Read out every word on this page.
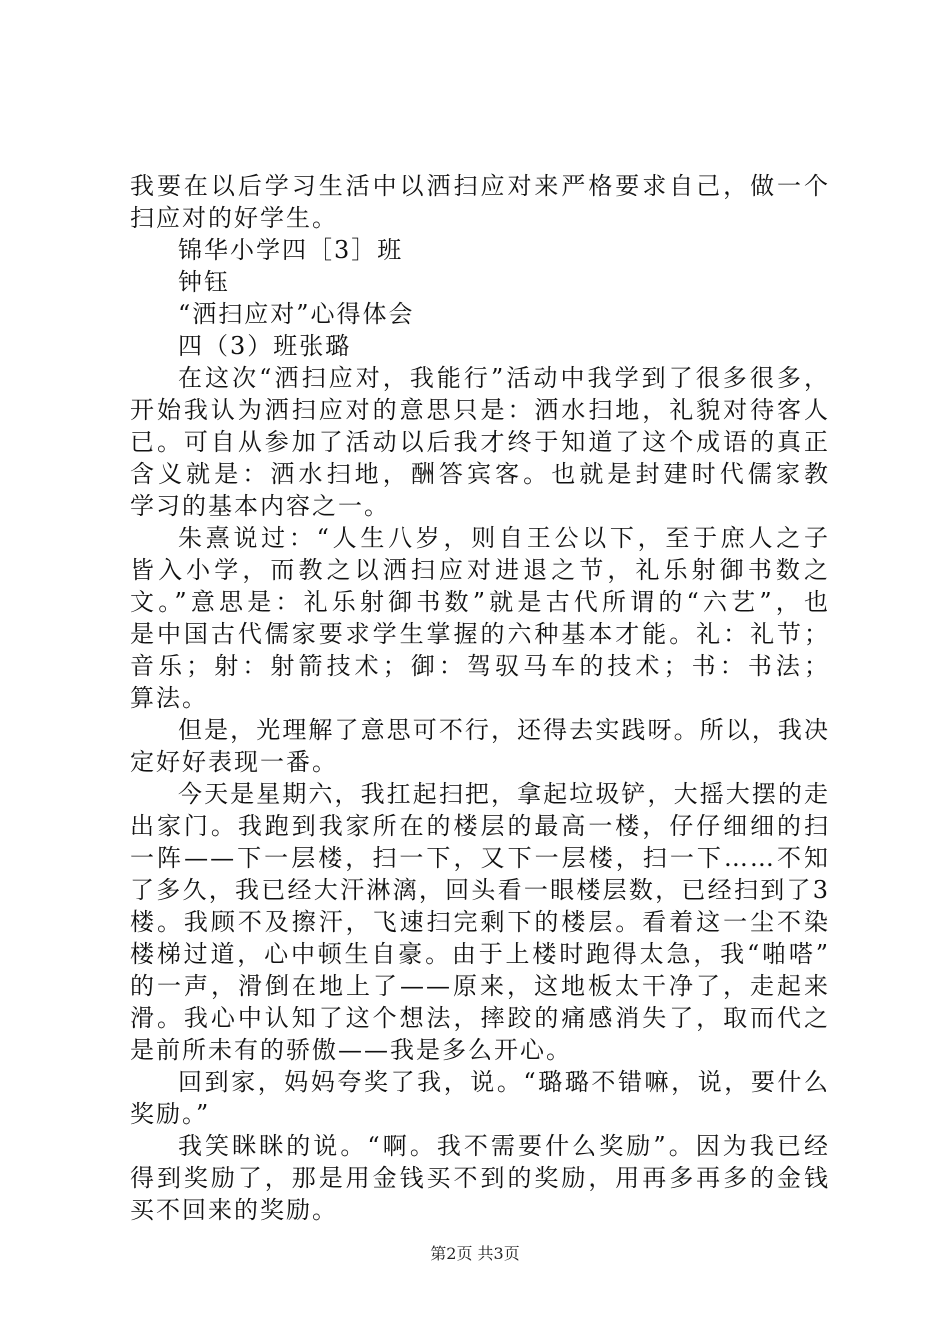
我要在以后学习生活中以洒扫应对来严格要求自己，做一个
扫应对的好学生。
锦华小学四［3］班
钟钰
“洒扫应对”心得体会
四（3）班张璐
在这次“洒扫应对，我能行”活动中我学到了很多很多，
开始我认为洒扫应对的意思只是：洒水扫地，礼貌对待客人
已。可自从参加了活动以后我才终于知道了这个成语的真正
含义就是：洒水扫地，酬答宾客。也就是封建时代儒家教
学习的基本内容之一。
朱熹说过：“人生八岁，则自王公以下，至于庶人之子
皆入小学，而教之以洒扫应对进退之节，礼乐射御书数之
文。”意思是：礼乐射御书数”就是古代所谓的“六艺”，也
是中国古代儒家要求学生掌握的六种基本才能。礼：礼节；
音乐；射：射箭技术；御：驾驭马车的技术；书：书法；
算法。
但是，光理解了意思可不行，还得去实践呀。所以，我决
定好好表现一番。
今天是星期六，我扛起扫把，拿起垃圾铲，大摇大摆的走
出家门。我跑到我家所在的楼层的最高一楼，仔仔细细的扫
一阵——下一层楼，扫一下，又下一层楼，扫一下……不知
了多久，我已经大汗淋漓，回头看一眼楼层数，已经扫到了3
楼。我顾不及擦汗，飞速扫完剩下的楼层。看着这一尘不染
楼梯过道，心中顿生自豪。由于上楼时跑得太急，我“啪嗒”
的一声，滑倒在地上了——原来，这地板太干净了，走起来
滑。我心中认知了这个想法，摔跤的痛感消失了，取而代之
是前所未有的骄傲——我是多么开心。
回到家，妈妈夸奖了我，说。“璐璐不错嘛，说，要什么
奖励。”
我笑眯眯的说。“啊。我不需要什么奖励”。因为我已经
得到奖励了，那是用金钱买不到的奖励，用再多再多的金钱
买不回来的奖励。
第2页 共3页
